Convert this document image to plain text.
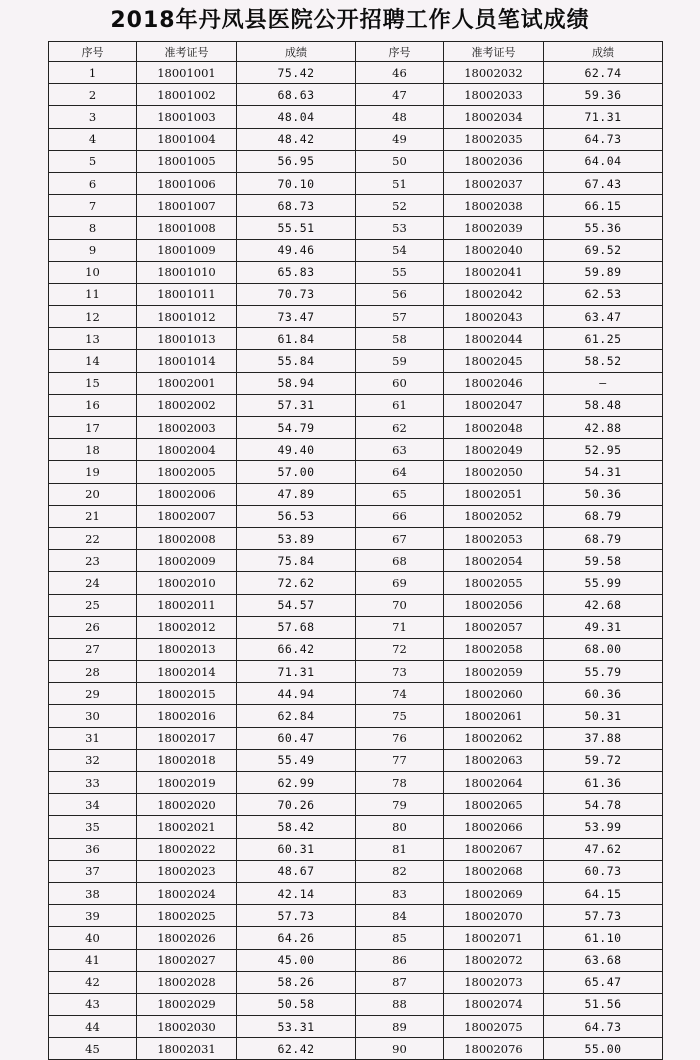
2018年丹凤县医院公开招聘工作人员笔试成绩
序号	准考证号	成绩	序号	准考证号	成绩
1	18001001	75.42	46	18002032	62.74
2	18001002	68.63	47	18002033	59.36
3	18001003	48.04	48	18002034	71.31
4	18001004	48.42	49	18002035	64.73
5	18001005	56.95	50	18002036	64.04
6	18001006	70.10	51	18002037	67.43
7	18001007	68.73	52	18002038	66.15
8	18001008	55.51	53	18002039	55.36
9	18001009	49.46	54	18002040	69.52
10	18001010	65.83	55	18002041	59.89
11	18001011	70.73	56	18002042	62.53
12	18001012	73.47	57	18002043	63.47
13	18001013	61.84	58	18002044	61.25
14	18001014	55.84	59	18002045	58.52
15	18002001	58.94	60	18002046	—
16	18002002	57.31	61	18002047	58.48
17	18002003	54.79	62	18002048	42.88
18	18002004	49.40	63	18002049	52.95
19	18002005	57.00	64	18002050	54.31
20	18002006	47.89	65	18002051	50.36
21	18002007	56.53	66	18002052	68.79
22	18002008	53.89	67	18002053	68.79
23	18002009	75.84	68	18002054	59.58
24	18002010	72.62	69	18002055	55.99
25	18002011	54.57	70	18002056	42.68
26	18002012	57.68	71	18002057	49.31
27	18002013	66.42	72	18002058	68.00
28	18002014	71.31	73	18002059	55.79
29	18002015	44.94	74	18002060	60.36
30	18002016	62.84	75	18002061	50.31
31	18002017	60.47	76	18002062	37.88
32	18002018	55.49	77	18002063	59.72
33	18002019	62.99	78	18002064	61.36
34	18002020	70.26	79	18002065	54.78
35	18002021	58.42	80	18002066	53.99
36	18002022	60.31	81	18002067	47.62
37	18002023	48.67	82	18002068	60.73
38	18002024	42.14	83	18002069	64.15
39	18002025	57.73	84	18002070	57.73
40	18002026	64.26	85	18002071	61.10
41	18002027	45.00	86	18002072	63.68
42	18002028	58.26	87	18002073	65.47
43	18002029	50.58	88	18002074	51.56
44	18002030	53.31	89	18002075	64.73
45	18002031	62.42	90	18002076	55.00
